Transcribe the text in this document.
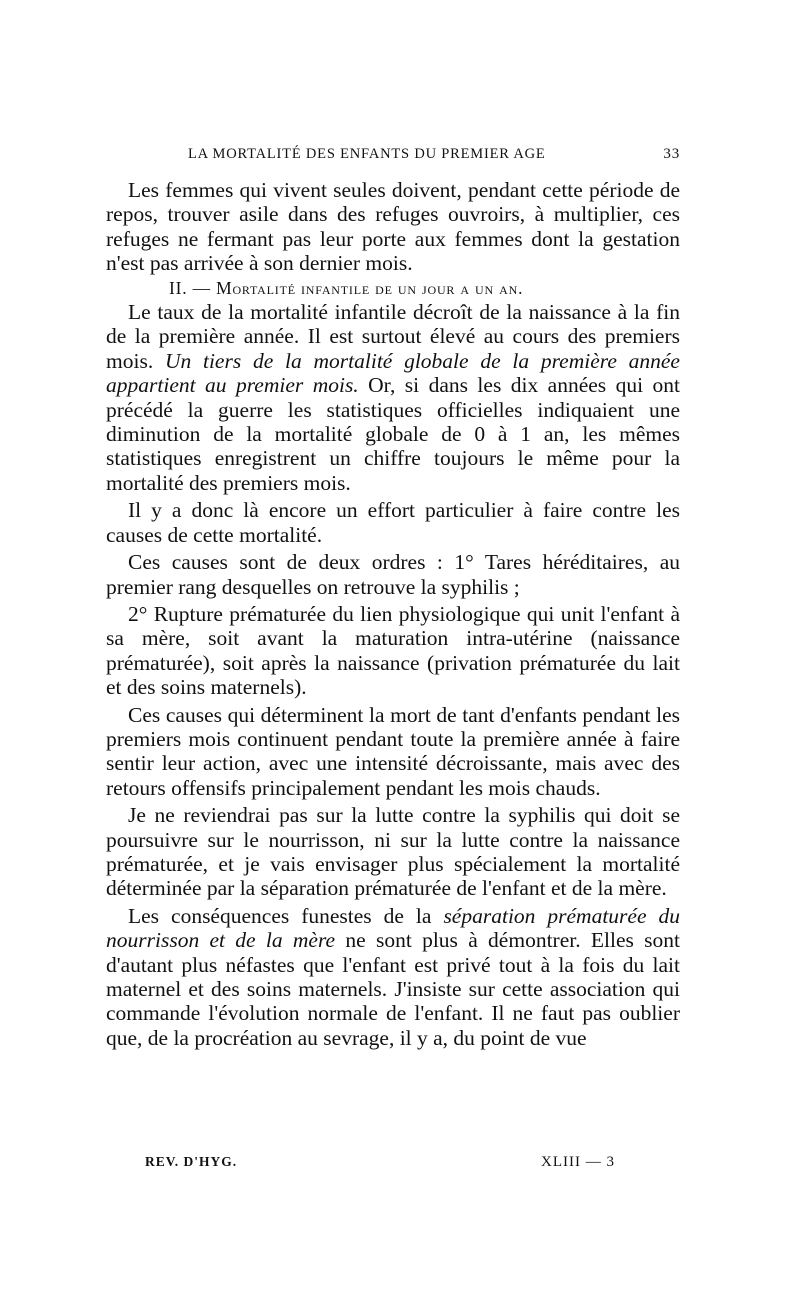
LA MORTALITÉ DES ENFANTS DU PREMIER AGE	33

Les femmes qui vivent seules doivent, pendant cette période de repos, trouver asile dans des refuges ouvroirs, à multiplier, ces refuges ne fermant pas leur porte aux femmes dont la gestation n'est pas arrivée à son dernier mois.

II. — Mortalité infantile de un jour a un an.

Le taux de la mortalité infantile décroît de la naissance à la fin de la première année. Il est surtout élevé au cours des premiers mois. Un tiers de la mortalité globale de la première année appartient au premier mois. Or, si dans les dix années qui ont précédé la guerre les statistiques officielles indiquaient une diminution de la mortalité globale de 0 à 1 an, les mêmes statistiques enregistrent un chiffre toujours le même pour la mortalité des premiers mois.

Il y a donc là encore un effort particulier à faire contre les causes de cette mortalité.

Ces causes sont de deux ordres : 1° Tares héréditaires, au premier rang desquelles on retrouve la syphilis ;

2° Rupture prématurée du lien physiologique qui unit l'enfant à sa mère, soit avant la maturation intra-utérine (naissance prématurée), soit après la naissance (privation prématurée du lait et des soins maternels).

Ces causes qui déterminent la mort de tant d'enfants pendant les premiers mois continuent pendant toute la première année à faire sentir leur action, avec une intensité décroissante, mais avec des retours offensifs principalement pendant les mois chauds.

Je ne reviendrai pas sur la lutte contre la syphilis qui doit se poursuivre sur le nourrisson, ni sur la lutte contre la naissance prématurée, et je vais envisager plus spécialement la mortalité déterminée par la séparation prématurée de l'enfant et de la mère.

Les conséquences funestes de la séparation prématurée du nourrisson et de la mère ne sont plus à démontrer. Elles sont d'autant plus néfastes que l'enfant est privé tout à la fois du lait maternel et des soins maternels. J'insiste sur cette association qui commande l'évolution normale de l'enfant. Il ne faut pas oublier que, de la procréation au sevrage, il y a, du point de vue

REV. D'HYG.	XLIII — 3
